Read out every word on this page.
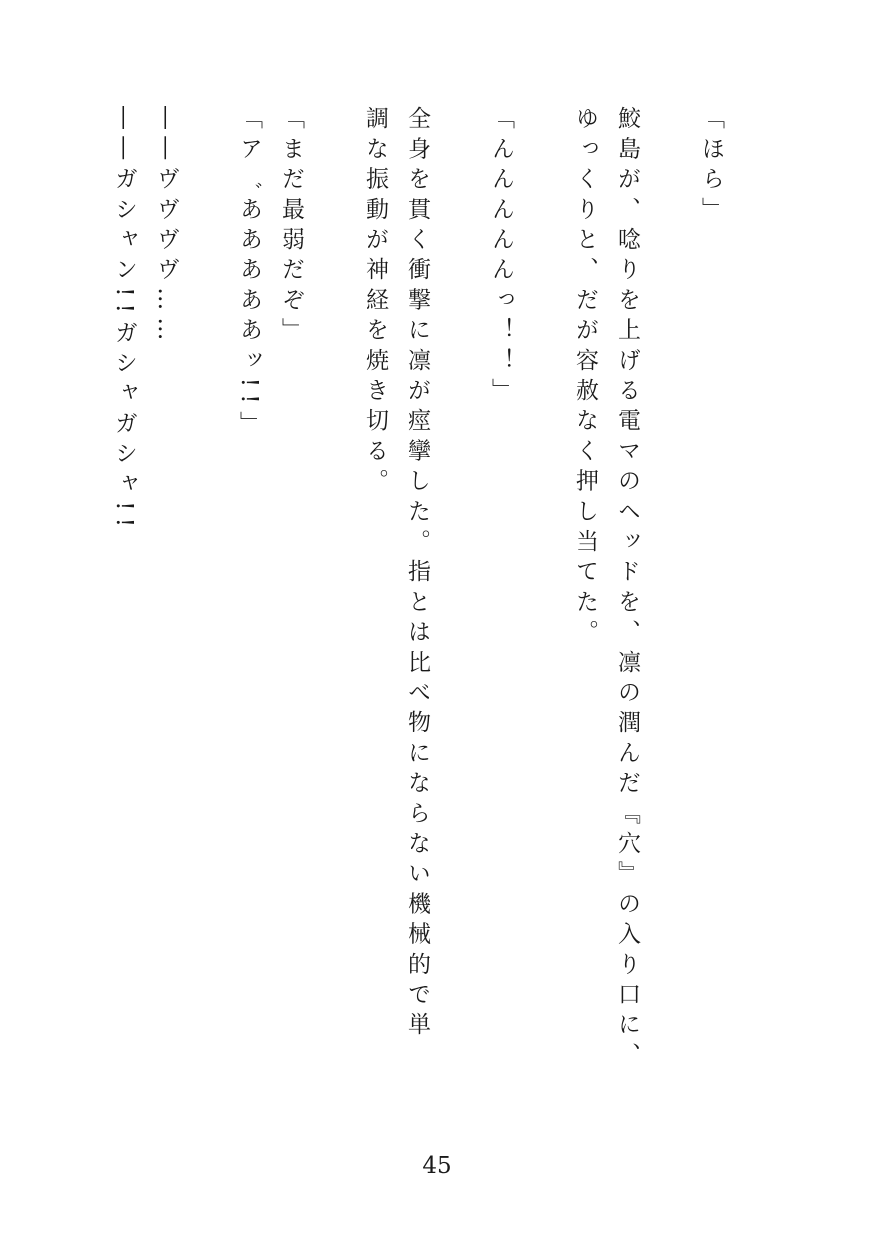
「ほら」
鮫島が、唸りを上げる電マのヘッドを、凛の潤んだ『穴』の入り口に、
ゆっくりと、だが容赦なく押し当てた。
「んんんんんっ！！」
全身を貫く衝撃に凛が痙攣した。指とは比べ物にならない機械的で単
調な振動が神経を焼き切る。
「まだ最弱だぞ」
「ア゛あああああッ!!」
――ヴヴヴヴ……
――ガシャン!!ガシャガシャ!!
45
